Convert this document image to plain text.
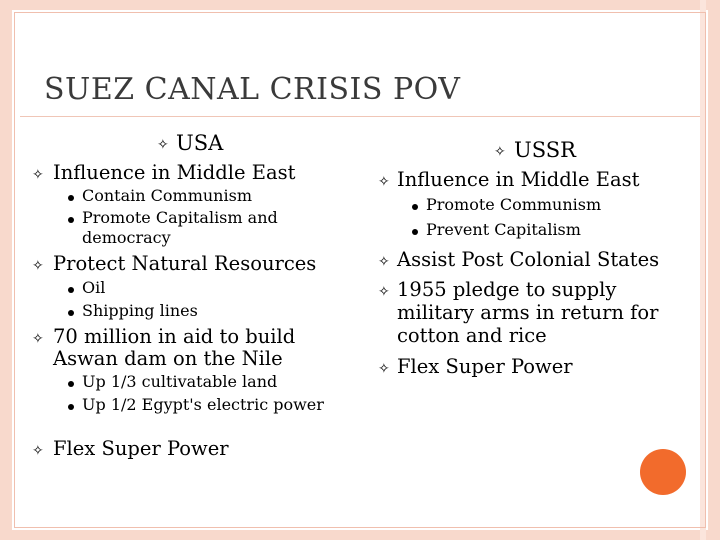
SUEZ CANAL CRISIS POV
✧ USA
✧ Influence in Middle East
Contain Communism
Promote Capitalism and
democracy
✧ Protect Natural Resources
Oil
Shipping lines
✧ 70 million in aid to build
Aswan dam on the Nile
Up 1/3 cultivatable land
Up 1/2 Egypt's electric power
✧ Flex Super Power
✧ USSR
✧ Influence in Middle East
Promote Communism
Prevent Capitalism
✧ Assist Post Colonial States
✧ 1955 pledge to supply
military arms in return for
cotton and rice
✧ Flex Super Power
